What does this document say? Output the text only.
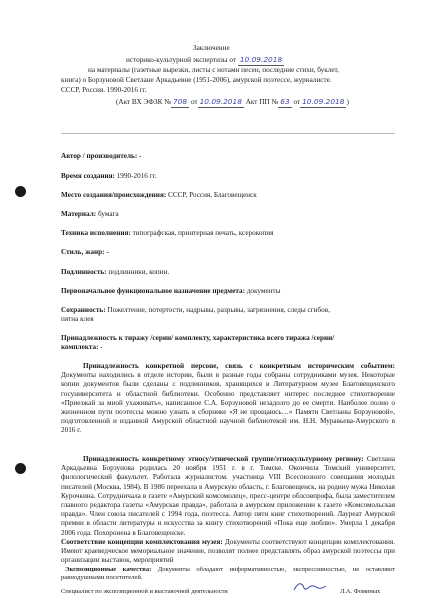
Заключение
историко-культурной экспертизы от 10.09.2018
на материалы (газетные вырезки, листы с нотами песен, последние стихи, буклет,
книга) о Борзуновой Светлане Аркадьевне (1951-2006), амурской поэтессе, журналисте.
СССР, Россия. 1990-2016 гг.
(Акт ВХ ЭФЗК № 708 от 10.09.2018 Акт ПП № 63 от 10.09.2018 )
Автор / производитель: -
Время создания: 1990-2016 гг.
Место создания/происхождения: СССР, Россия, Благовещенск
Материал: бумага
Техника исполнения: типографская, принтерная печать, ксерокопия
Стиль, жанр: -
Подлинность: подлинники, копии.
Первоначальное функциональное назначение предмета: документы
Сохранность: Пожелтение, потертости, надрывы, разрывы, загрязнения, следы сгибов,
пятна клея
Принадлежность к тиражу /серии/ комплекту, характеристика всего тиража /серии/
комплекта: -
Принадлежность конкретной персоне, связь с конкретным историческим событием: Документы находились в отделе истории, были в разные годы собраны сотрудниками музея. Некоторые копии документов были сделаны с подлинников, хранящихся в Литературном музее Благовещенского госуниверситета и областной библиотеки. Особенно представляет интерес последнее стихотворение «Приезжай за мной ухаживать», написанное С.А. Борзуновой незадолго до ее смерти. Наиболее полно о жизненном пути поэтессы можно узнать в сборнике «Я не прощаюсь…» Памяти Светланы Борзуновой», подготовленной и изданной Амурской областной научной библиотекой им. Н.Н. Муравьева-Амурского в 2016 г.
Принадлежность конкретному этносу/этнической группе/этнокультурному региону: Светлана Аркадьевна Борзунова родилась 20 ноября 1951 г. в г. Томске. Окончила Томский университет, филологический факультет. Работала журналистом. участница VIII Всесоюзного совещания молодых писателей (Москва, 1984). В 1986 переехала в Амурскую область, г. Благовещенск, на родину мужа Николая Курочкина. Сотрудничала в газете «Амурский комсомолец», пресс-центре облсовпрофа, была заместителем главного редактора газеты «Амурская правда», работала в амурском приложении к газете «Комсомольская правда». Член союза писателей с 1994 года, поэтесса. Автор пяти книг стихотворений. Лауреат Амурской премии в области литературы и искусства за книгу стихотворений «Пока еще люблю». Умерла 1 декабря 2006 года. Похоронена в Благовещенске.
Соответствие концепции комплектования музея: Документы соответствуют концепции комплектования. Имеют краеведческое мемориальное значение, позволят полнее представлять образ амурской поэтессы при организации выставок, мероприятий
Экспозиционные качества: Документы обладают информативностью, экспрессивностью, не оставляют равнодушными посетителей.
Специалист по экспозиционной и выставочной деятельности	Л.А. Фоминых
